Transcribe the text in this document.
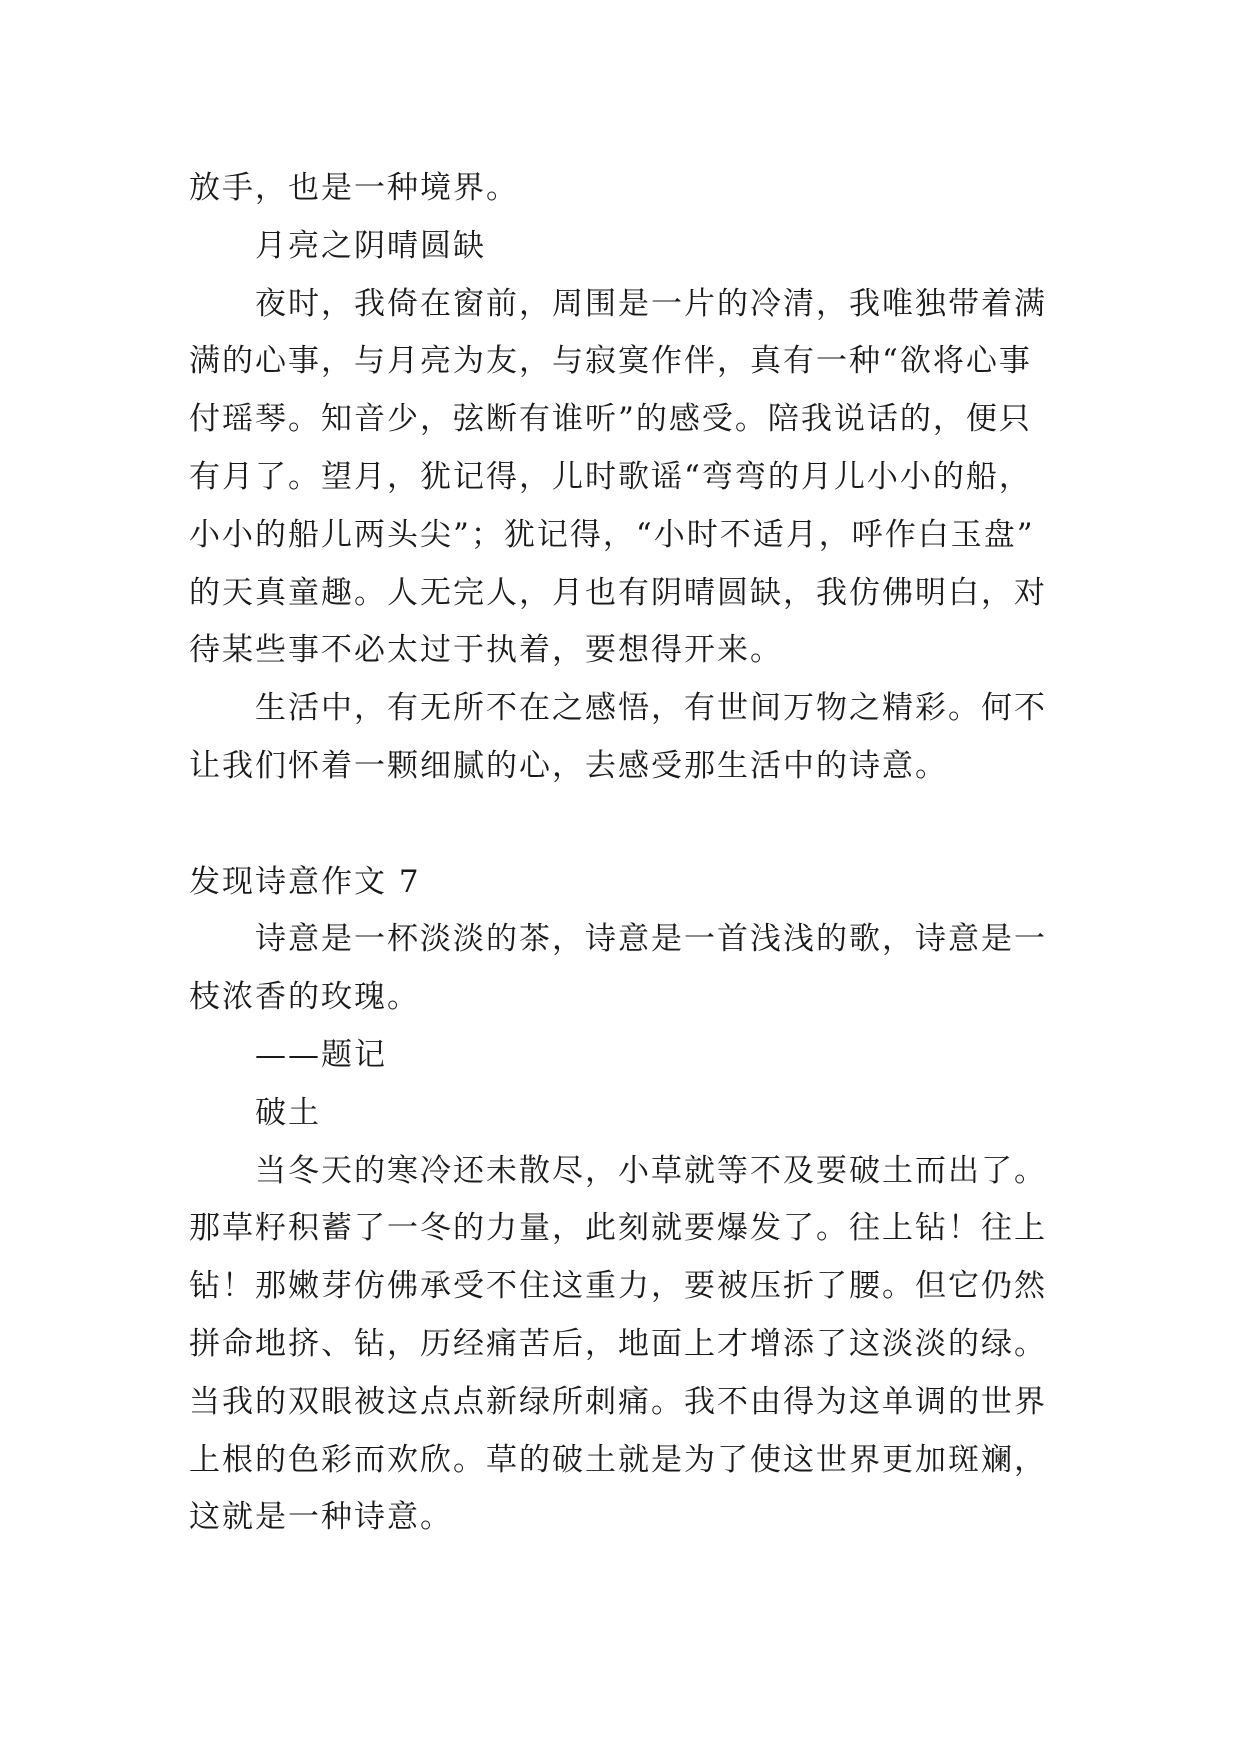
放手，也是一种境界。
月亮之阴晴圆缺
夜时，我倚在窗前，周围是一片的冷清，我唯独带着满
满的心事，与月亮为友，与寂寞作伴，真有一种“欲将心事
付瑶琴。知音少，弦断有谁听”的感受。陪我说话的，便只
有月了。望月，犹记得，儿时歌谣“弯弯的月儿小小的船，
小小的船儿两头尖”；犹记得，“小时不适月，呼作白玉盘”
的天真童趣。人无完人，月也有阴晴圆缺，我仿佛明白，对
待某些事不必太过于执着，要想得开来。
生活中，有无所不在之感悟，有世间万物之精彩。何不
让我们怀着一颗细腻的心，去感受那生活中的诗意。
发现诗意作文 7
诗意是一杯淡淡的茶，诗意是一首浅浅的歌，诗意是一
枝浓香的玫瑰。
——题记
破土
当冬天的寒冷还未散尽，小草就等不及要破土而出了。
那草籽积蓄了一冬的力量，此刻就要爆发了。往上钻！往上
钻！那嫩芽仿佛承受不住这重力，要被压折了腰。但它仍然
拼命地挤、钻，历经痛苦后，地面上才增添了这淡淡的绿。
当我的双眼被这点点新绿所刺痛。我不由得为这单调的世界
上根的色彩而欢欣。草的破土就是为了使这世界更加斑斓，
这就是一种诗意。
